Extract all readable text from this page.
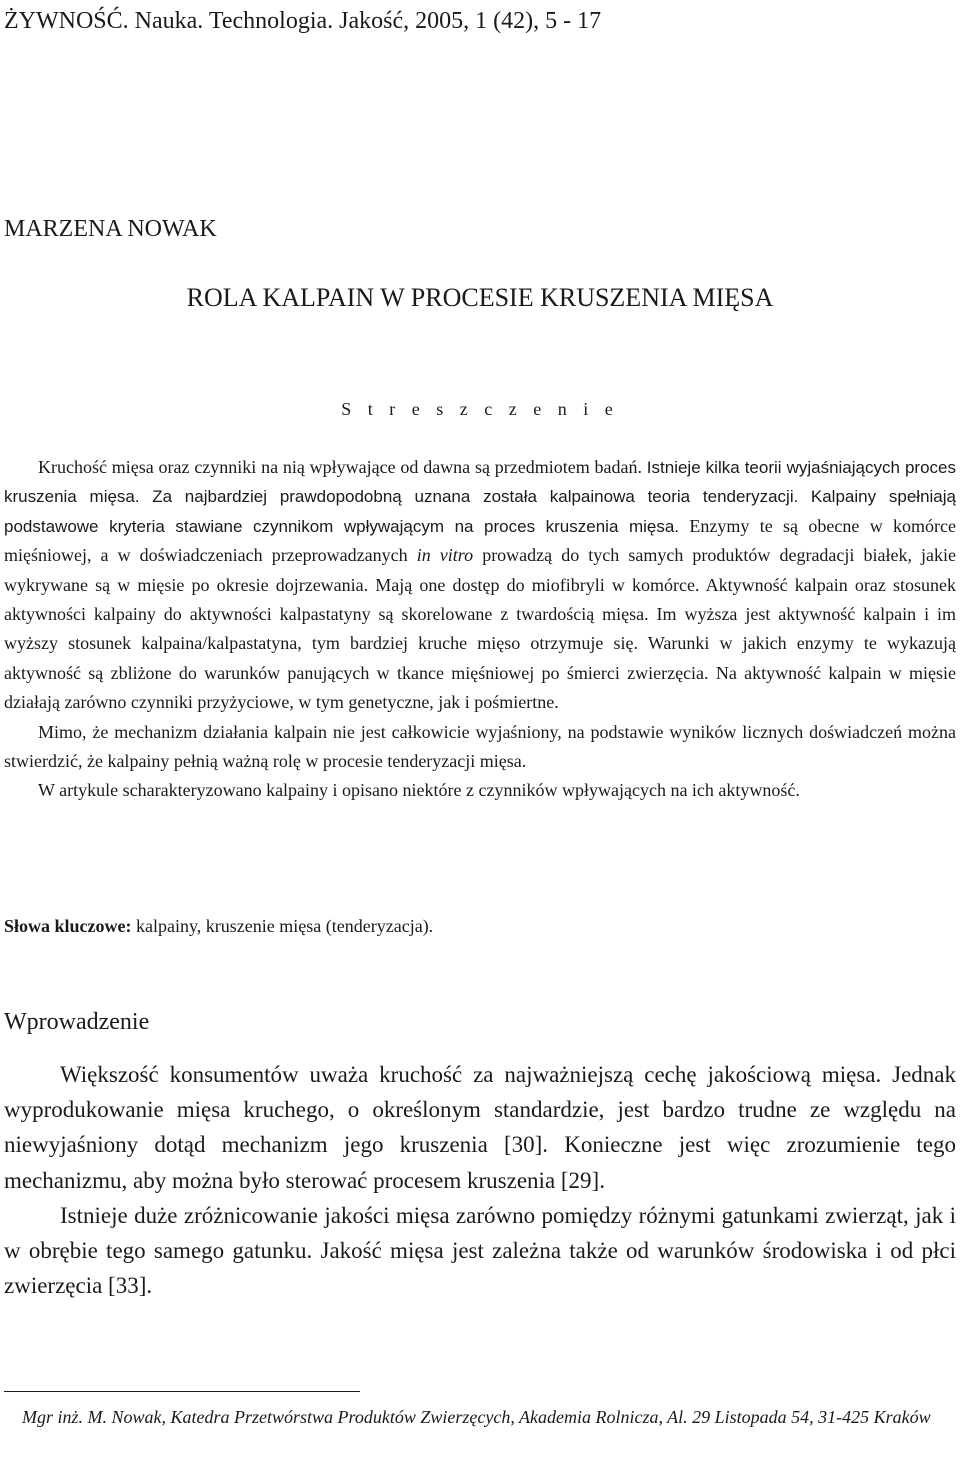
ŻYWNOŚĆ. Nauka. Technologia. Jakość, 2005, 1 (42), 5 - 17
MARZENA NOWAK
ROLA KALPAIN W PROCESIE KRUSZENIA MIĘSA
S t r e s z c z e n i e

Kruchość mięsa oraz czynniki na nią wpływające od dawna są przedmiotem badań. Istnieje kilka teorii wyjaśniających proces kruszenia mięsa. Za najbardziej prawdopodobną uznana została kalpainowa teoria tenderyzacji. Kalpainy spełniają podstawowe kryteria stawiane czynnikom wpływającym na proces kruszenia mięsa. Enzymy te są obecne w komórce mięśniowej, a w doświadczeniach przeprowadzanych in vitro prowadzą do tych samych produktów degradacji białek, jakie wykrywane są w mięsie po okresie dojrzewania. Mają one dostęp do miofibryli w komórce. Aktywność kalpain oraz stosunek aktywności kalpainy do aktywności kalpastatyny są skorelowane z twardością mięsa. Im wyższa jest aktywność kalpain i im wyższy stosunek kalpaina/kalpastatyna, tym bardziej kruche mięso otrzymuje się. Warunki w jakich enzymy te wykazują aktywność są zbliżone do warunków panujących w tkance mięśniowej po śmierci zwierzęcia. Na aktywność kalpain w mięsie działają zarówno czynniki przyżyciowe, w tym genetyczne, jak i pośmiertne.

Mimo, że mechanizm działania kalpain nie jest całkowicie wyjaśniony, na podstawie wyników licznych doświadczeń można stwierdzić, że kalpainy pełnią ważną rolę w procesie tenderyzacji mięsa.

W artykule scharakteryzowano kalpainy i opisano niektóre z czynników wpływających na ich aktywność.

Słowa kluczowe: kalpainy, kruszenie mięsa (tenderyzacja).
Wprowadzenie

Większość konsumentów uważa kruchość za najważniejszą cechę jakościową mięsa. Jednak wyprodukowanie mięsa kruchego, o określonym standardzie, jest bardzo trudne ze względu na niewyjaśniony dotąd mechanizm jego kruszenia [30]. Konieczne jest więc zrozumienie tego mechanizmu, aby można było sterować procesem kruszenia [29].

Istnieje duże zróżnicowanie jakości mięsa zarówno pomiędzy różnymi gatunkami zwierząt, jak i w obrębie tego samego gatunku. Jakość mięsa jest zależna także od warunków środowiska i od płci zwierzęcia [33].

Mgr inż. M. Nowak, Katedra Przetwórstwa Produktów Zwierzęcych, Akademia Rolnicza, Al. 29 Listopada 54, 31-425 Kraków
